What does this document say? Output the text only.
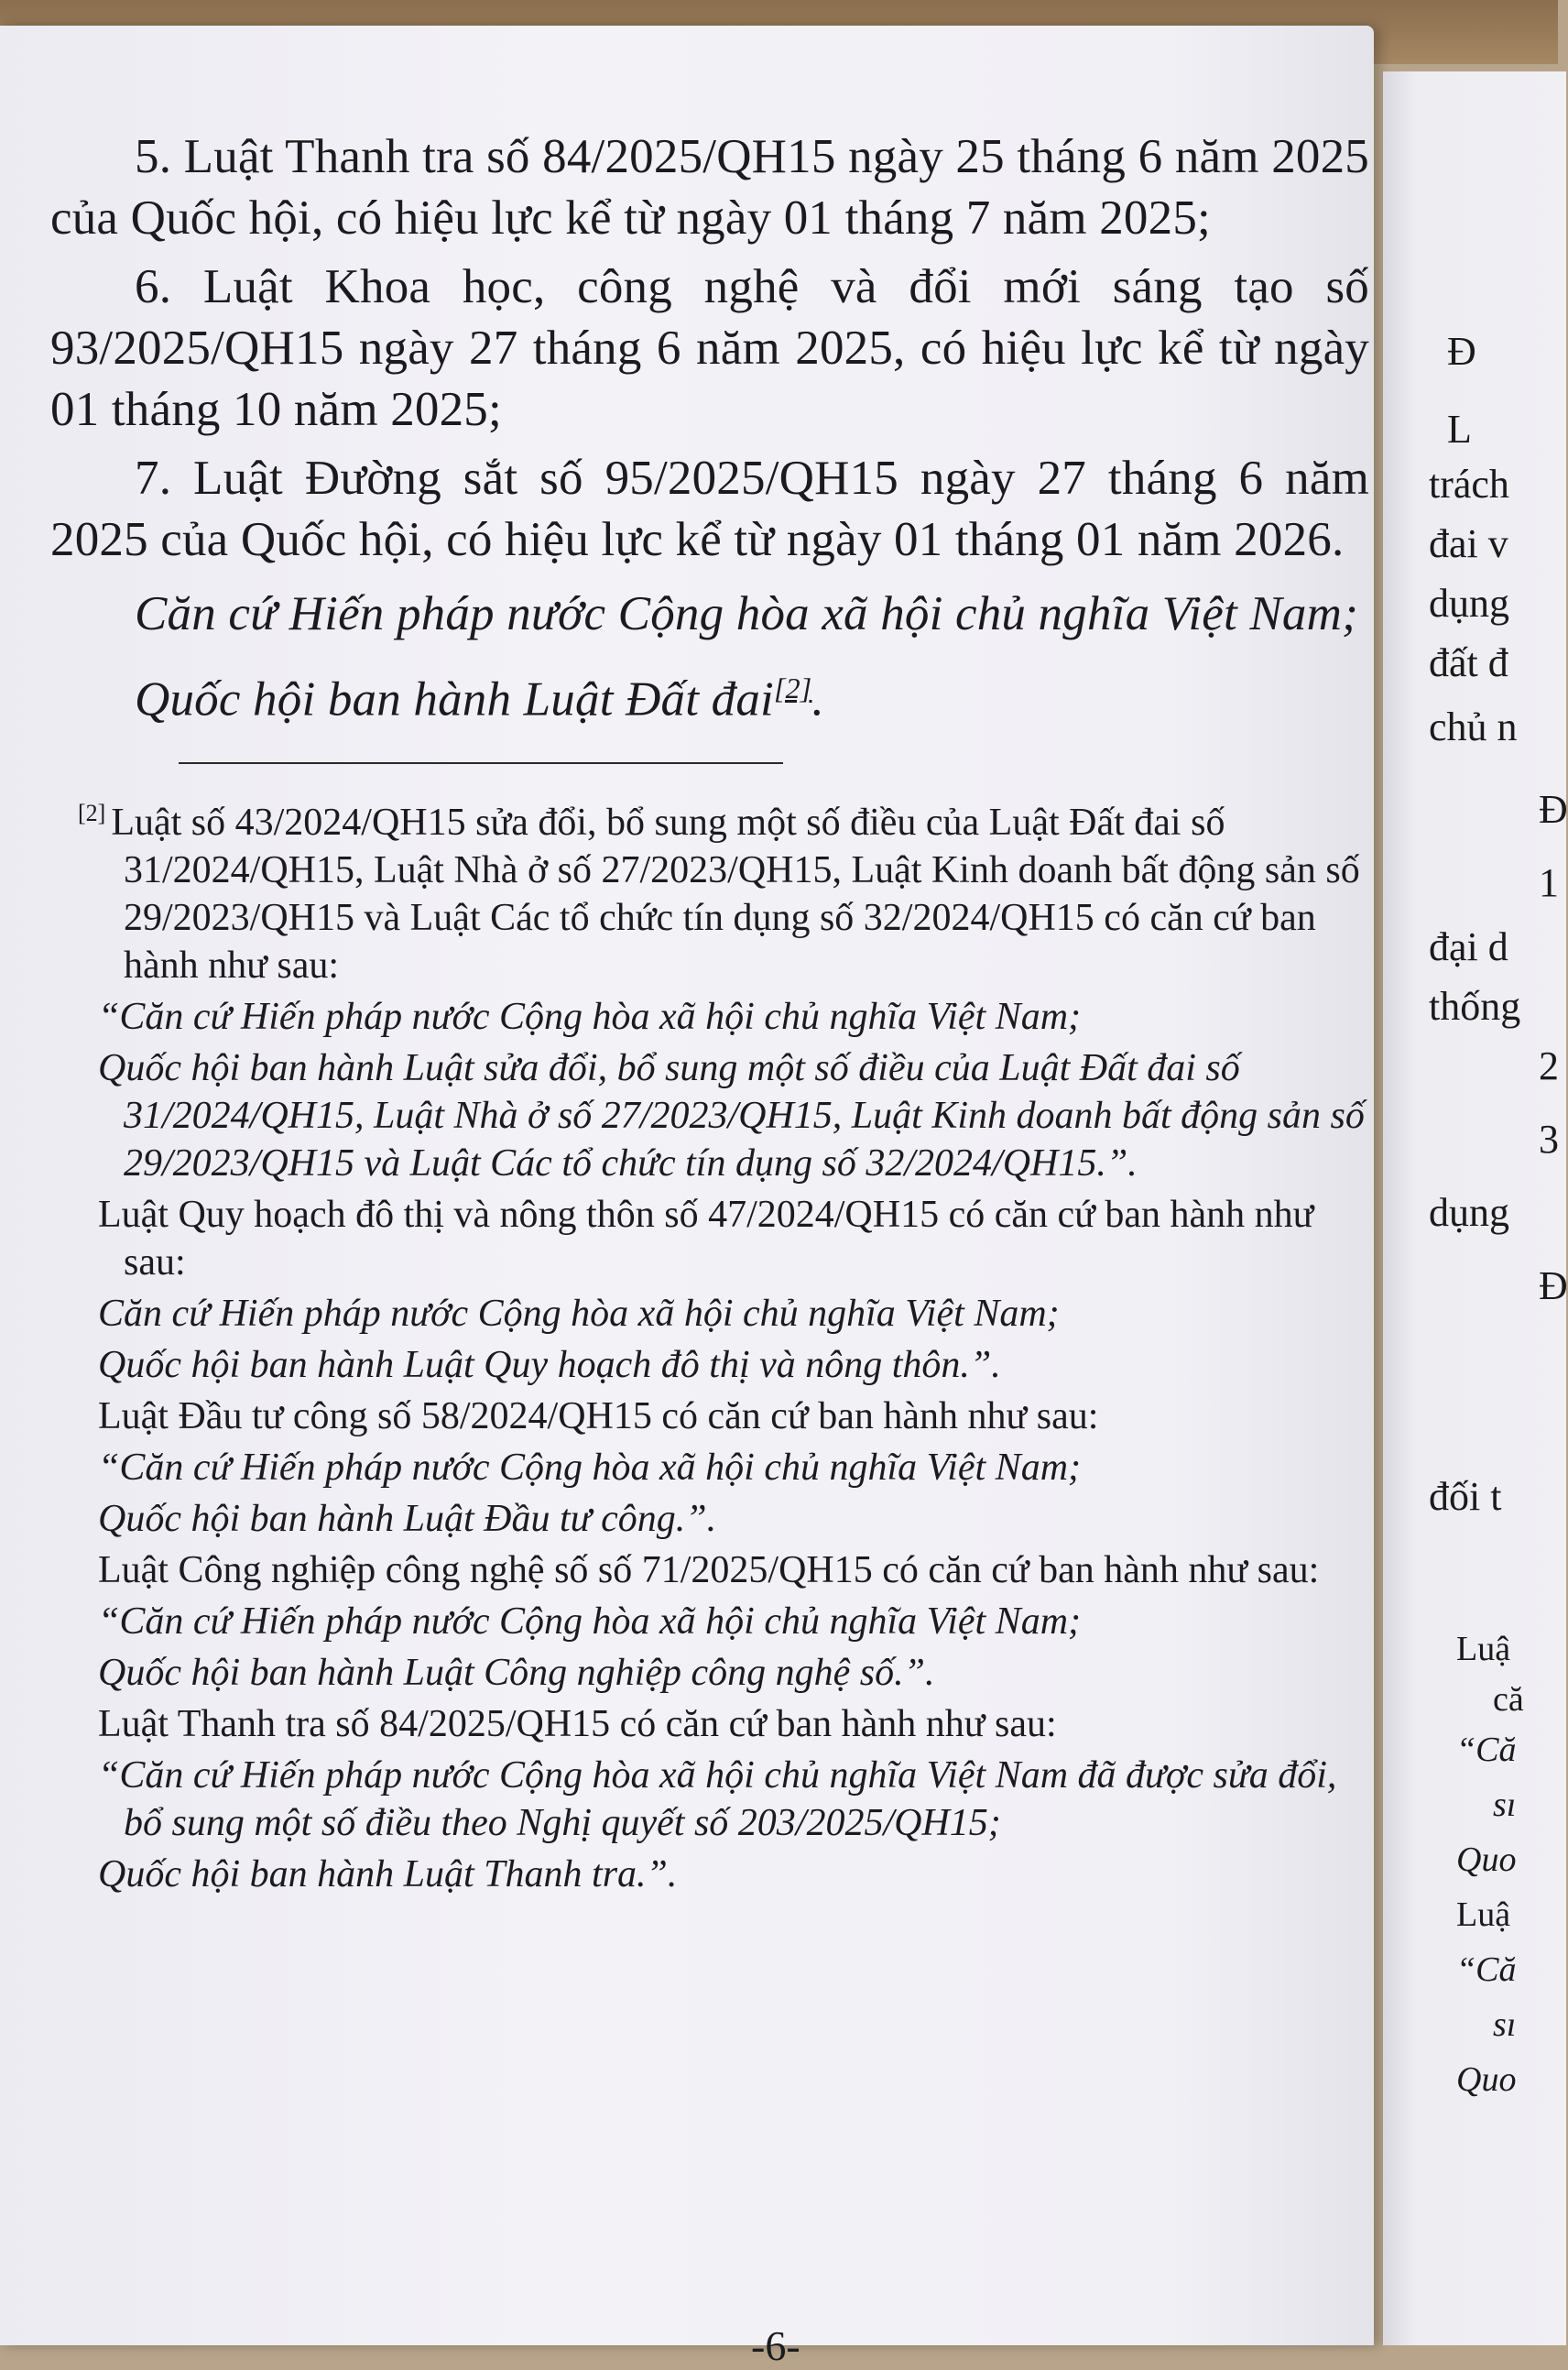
5. Luật Thanh tra số 84/2025/QH15 ngày 25 tháng 6 năm 2025 của Quốc hội, có hiệu lực kể từ ngày 01 tháng 7 năm 2025;

6. Luật Khoa học, công nghệ và đổi mới sáng tạo số 93/2025/QH15 ngày 27 tháng 6 năm 2025, có hiệu lực kể từ ngày 01 tháng 10 năm 2025;

7. Luật Đường sắt số 95/2025/QH15 ngày 27 tháng 6 năm 2025 của Quốc hội, có hiệu lực kể từ ngày 01 tháng 01 năm 2026.

Căn cứ Hiến pháp nước Cộng hòa xã hội chủ nghĩa Việt Nam;

Quốc hội ban hành Luật Đất đai[2].

[2] Luật số 43/2024/QH15 sửa đổi, bổ sung một số điều của Luật Đất đai số 31/2024/QH15, Luật Nhà ở số 27/2023/QH15, Luật Kinh doanh bất động sản số 29/2023/QH15 và Luật Các tổ chức tín dụng số 32/2024/QH15 có căn cứ ban hành như sau:

“Căn cứ Hiến pháp nước Cộng hòa xã hội chủ nghĩa Việt Nam;

Quốc hội ban hành Luật sửa đổi, bổ sung một số điều của Luật Đất đai số 31/2024/QH15, Luật Nhà ở số 27/2023/QH15, Luật Kinh doanh bất động sản số 29/2023/QH15 và Luật Các tổ chức tín dụng số 32/2024/QH15.”.

Luật Quy hoạch đô thị và nông thôn số 47/2024/QH15 có căn cứ ban hành như sau:

Căn cứ Hiến pháp nước Cộng hòa xã hội chủ nghĩa Việt Nam;

Quốc hội ban hành Luật Quy hoạch đô thị và nông thôn.”.

Luật Đầu tư công số 58/2024/QH15 có căn cứ ban hành như sau:

“Căn cứ Hiến pháp nước Cộng hòa xã hội chủ nghĩa Việt Nam;

Quốc hội ban hành Luật Đầu tư công.”.

Luật Công nghiệp công nghệ số số 71/2025/QH15 có căn cứ ban hành như sau:

“Căn cứ Hiến pháp nước Cộng hòa xã hội chủ nghĩa Việt Nam;

Quốc hội ban hành Luật Công nghiệp công nghệ số.”.

Luật Thanh tra số 84/2025/QH15 có căn cứ ban hành như sau:

“Căn cứ Hiến pháp nước Cộng hòa xã hội chủ nghĩa Việt Nam đã được sửa đổi, bổ sung một số điều theo Nghị quyết số 203/2025/QH15;

Quốc hội ban hành Luật Thanh tra.”.

-6-

Đ

L

trách

đai v

dụng

đất đ

chủ n

Đ

1

đại d

thống

2

3

dụng

Đ

đối t

Luậ

că

“Că

sı

Quo

Luậ

“Că

sı

Quo
